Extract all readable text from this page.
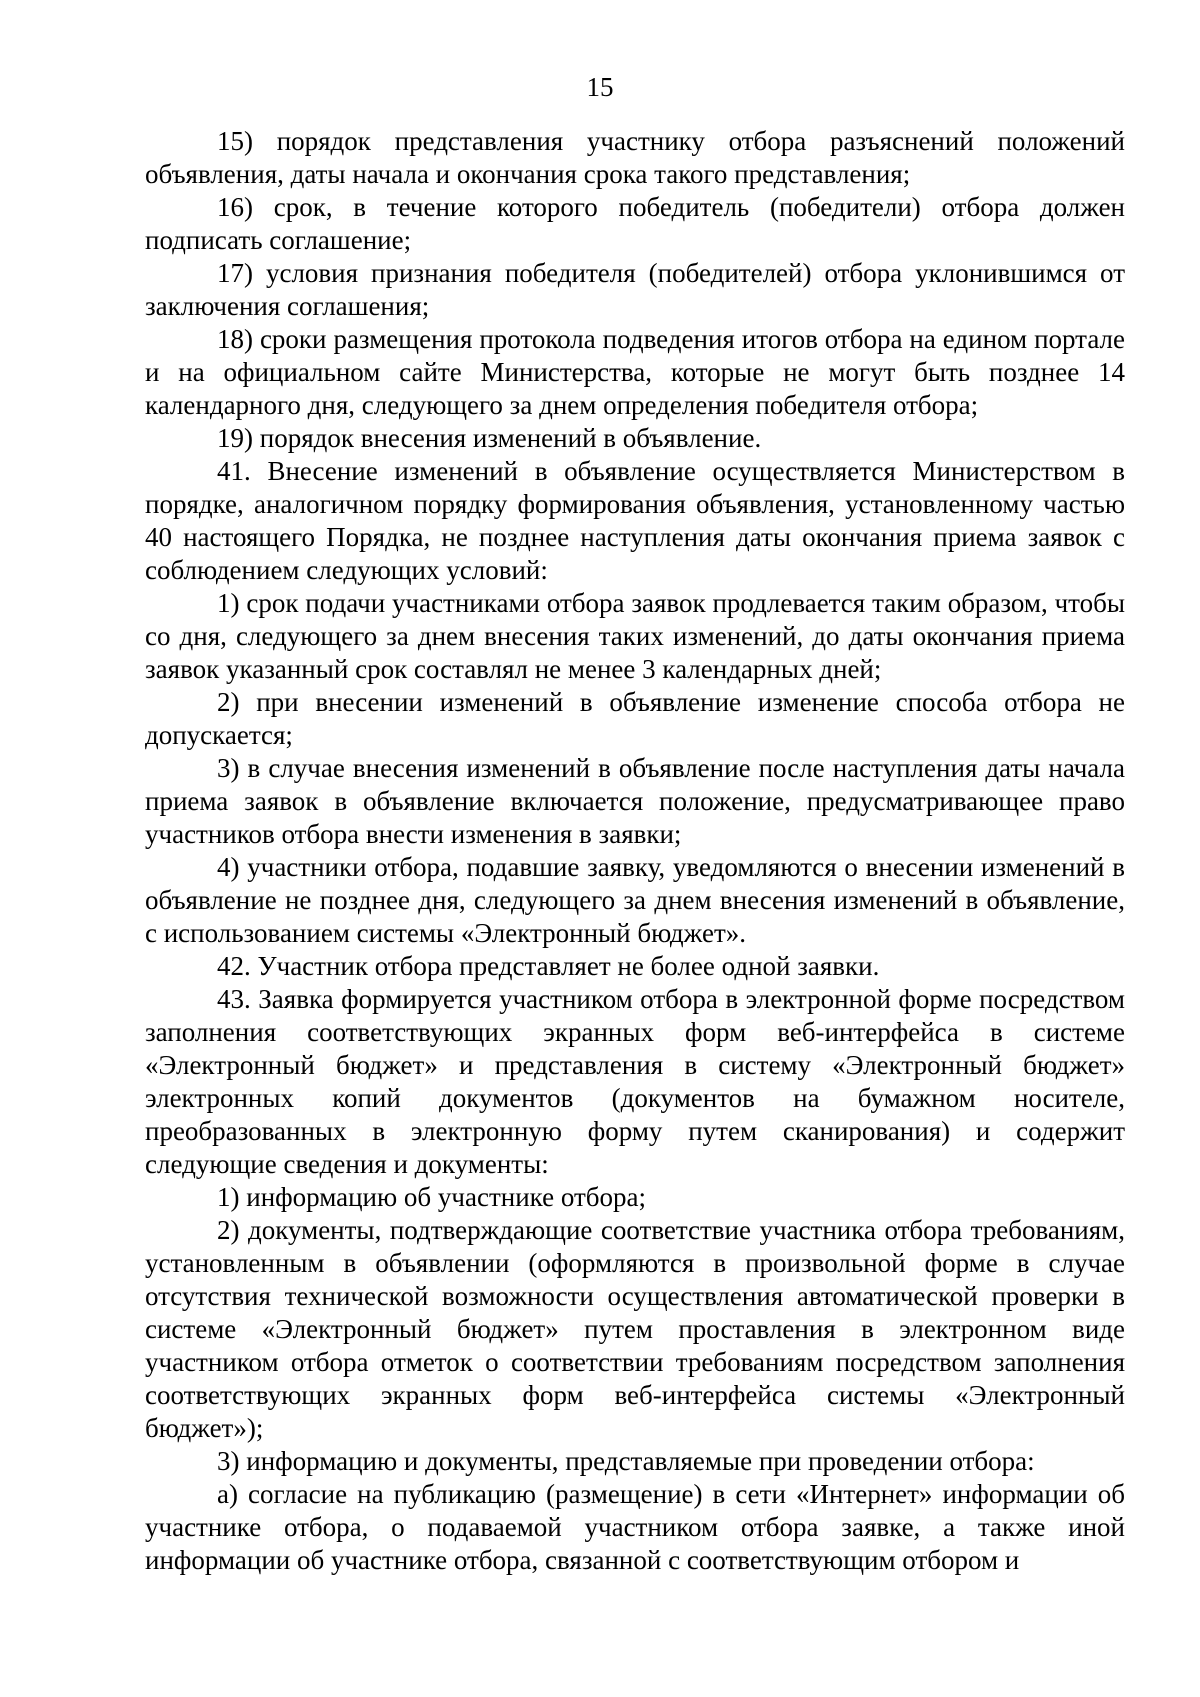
15

15) порядок представления участнику отбора разъяснений положений объявления, даты начала и окончания срока такого представления;

16) срок, в течение которого победитель (победители) отбора должен подписать соглашение;

17) условия признания победителя (победителей) отбора уклонившимся от заключения соглашения;

18) сроки размещения протокола подведения итогов отбора на едином портале и на официальном сайте Министерства, которые не могут быть позднее 14 календарного дня, следующего за днем определения победителя отбора;

19) порядок внесения изменений в объявление.

41. Внесение изменений в объявление осуществляется Министерством в порядке, аналогичном порядку формирования объявления, установленному частью 40 настоящего Порядка, не позднее наступления даты окончания приема заявок с соблюдением следующих условий:

1) срок подачи участниками отбора заявок продлевается таким образом, чтобы со дня, следующего за днем внесения таких изменений, до даты окончания приема заявок указанный срок составлял не менее 3 календарных дней;

2) при внесении изменений в объявление изменение способа отбора не допускается;

3) в случае внесения изменений в объявление после наступления даты начала приема заявок в объявление включается положение, предусматривающее право участников отбора внести изменения в заявки;

4) участники отбора, подавшие заявку, уведомляются о внесении изменений в объявление не позднее дня, следующего за днем внесения изменений в объявление, с использованием системы «Электронный бюджет».

42. Участник отбора представляет не более одной заявки.

43. Заявка формируется участником отбора в электронной форме посредством заполнения соответствующих экранных форм веб-интерфейса в системе «Электронный бюджет» и представления в систему «Электронный бюджет» электронных копий документов (документов на бумажном носителе, преобразованных в электронную форму путем сканирования) и содержит следующие сведения и документы:

1) информацию об участнике отбора;

2) документы, подтверждающие соответствие участника отбора требованиям, установленным в объявлении (оформляются в произвольной форме в случае отсутствия технической возможности осуществления автоматической проверки в системе «Электронный бюджет» путем проставления в электронном виде участником отбора отметок о соответствии требованиям посредством заполнения соответствующих экранных форм веб-интерфейса системы «Электронный бюджет»);

3) информацию и документы, представляемые при проведении отбора:

а) согласие на публикацию (размещение) в сети «Интернет» информации об участнике отбора, о подаваемой участником отбора заявке, а также иной информации об участнике отбора, связанной с соответствующим отбором и
